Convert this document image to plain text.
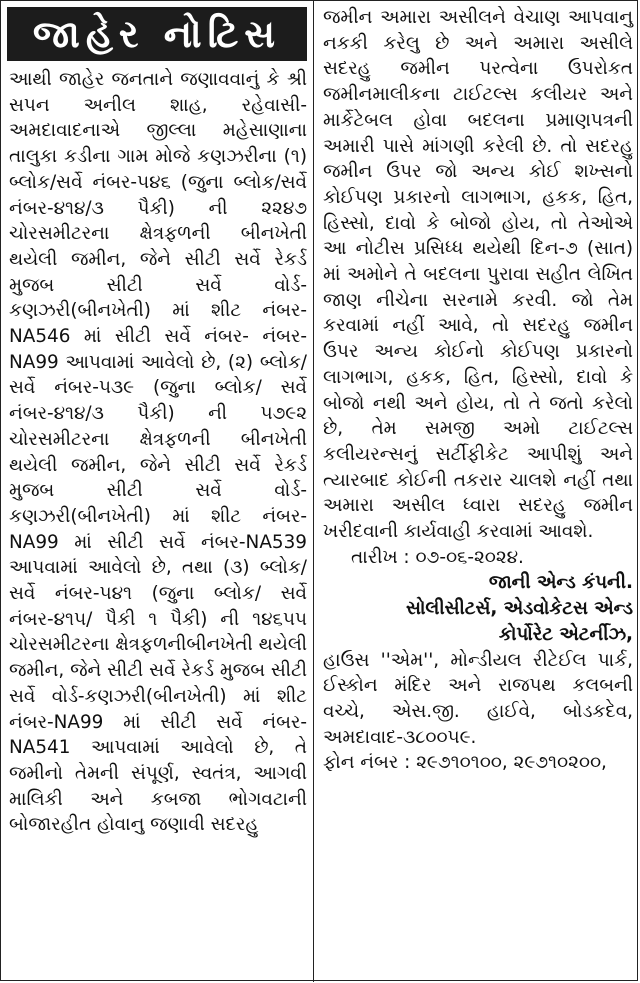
જાહેર નોટિસ
આથી જાહેર જનતાને જણાવવાનું કે શ્રી સપન અનીલ શાહ, રહેવાસી- અમદાવાદનાએ જીલ્લા મહેસાણાના તાલુકા કડીના ગામ મોજે કણઝરીના (૧) બ્લોક/સર્વે નંબર-૫૪૬ (જુના બ્લોક/સર્વે નંબર-૪૧૪/૩ પૈકી) ની ૨૨૪૭ ચોરસમીટરના ક્ષેત્રફળની બીનખેતી થયેલી જમીન, જેને સીટી સર્વે રેકર્ડ મુજબ સીટી સર્વે વોર્ડ- કણઝરી(બીનખેતી) માં શીટ નંબર- NA546 માં સીટી સર્વે નંબર- નંબર- NA99 આપવામાં આવેલો છે, (૨) બ્લોક/સર્વે નંબર-૫૩૯ (જુના બ્લોક/ સર્વે નંબર-૪૧૪/૩ પૈકી) ની ૫૭૯૨ ચોરસમીટરના ક્ષેત્રફળની બીનખેતી થયેલી જમીન, જેને સીટી સર્વે રેકર્ડ મુજબ સીટી સર્વે વોર્ડ- કણઝરી(બીનખેતી) માં શીટ નંબર- NA99 માં સીટી સર્વે નંબર-NA539 આપવામાં આવેલો છે, તથા (૩) બ્લોક/સર્વે નંબર-૫૪૧ (જુના બ્લોક/ સર્વે નંબર-૪૧૫/ પૈકી ૧ પૈકી) ની ૧૪૬૫૫ ચોરસમીટરના ક્ષેત્રફળનીબીનખેતી થયેલી જમીન, જેને સીટી સર્વે રેકર્ડ મુજબ સીટી સર્વે વોર્ડ-કણઝરી(બીનખેતી) માં શીટ નંબર-NA99 માં સીટી સર્વે નંબર- NA541 આપવામાં આવેલો છે, તે જમીનો તેમની સંપૂર્ણ, સ્વતંત્ર, આગવી માલિકી અને કબજા ભોગવટાની બોજારહીત હોવાનુ જણાવી સદરહુ
જમીન અમારા અસીલને વેચાણ આપવાનુ નકકી કરેલુ છે અને અમારા અસીલે સદરહુ જમીન પરત્વેના ઉપરોકત જમીનમાલીકના ટાઈટલ્સ કલીયર અને માર્કેટેબલ હોવા બદલના પ્રમાણપત્રની અમારી પાસે માંગણી કરેલી છે. તો સદરહુ જમીન ઉપર જો અન્ય કોઈ શખ્સનો કોઈપણ પ્રકારનો લાગભાગ, હકક, હિત, હિસ્સો, દાવો કે બોજો હોય, તો તેઓએ આ નોટીસ પ્રસિધ્ધ થયેથી દિન-૭ (સાત) માં અમોને તે બદલના પુરાવા સહીત લેખિત જાણ નીચેના સરનામે કરવી. જો તેમ કરવામાં નહીં આવે, તો સદરહુ જમીન ઉપર અન્ય કોઈનો કોઈપણ પ્રકારનો લાગભાગ, હકક, હિત, હિસ્સો, દાવો કે બોજો નથી અને હોય, તો તે જતો કરેલો છે, તેમ સમજી અમો ટાઈટલ્સ કલીયરન્સનું સર્ટીફીકેટ આપીશું અને ત્યારબાદ કોઈની તકરાર ચાલશે નહીં તથા અમારા અસીલ ધ્વારા સદરહુ જમીન ખરીદવાની કાર્યવાહી કરવામાં આવશે.
તારીખ : ૦૭-૦૬-૨૦૨૪.
જાની એન્ડ કંપની.
સોલીસીટર્સ, એડવોકેટસ એન્ડ
કોર્પોરેટ એટર્નીઝ,
હાઉસ ''એમ'', મોન્ડીયલ રીટેઈલ પાર્ક, ઈસ્કોન મંદિર અને રાજપથ કલબની વચ્ચે, એસ.જી. હાઈવે, બોડકદેવ, અમદાવાદ-૩૮૦૦૫૯.
ફોન નંબર : ૨૯૭૧૦૧૦૦, ૨૯૭૧૦૨૦૦,
